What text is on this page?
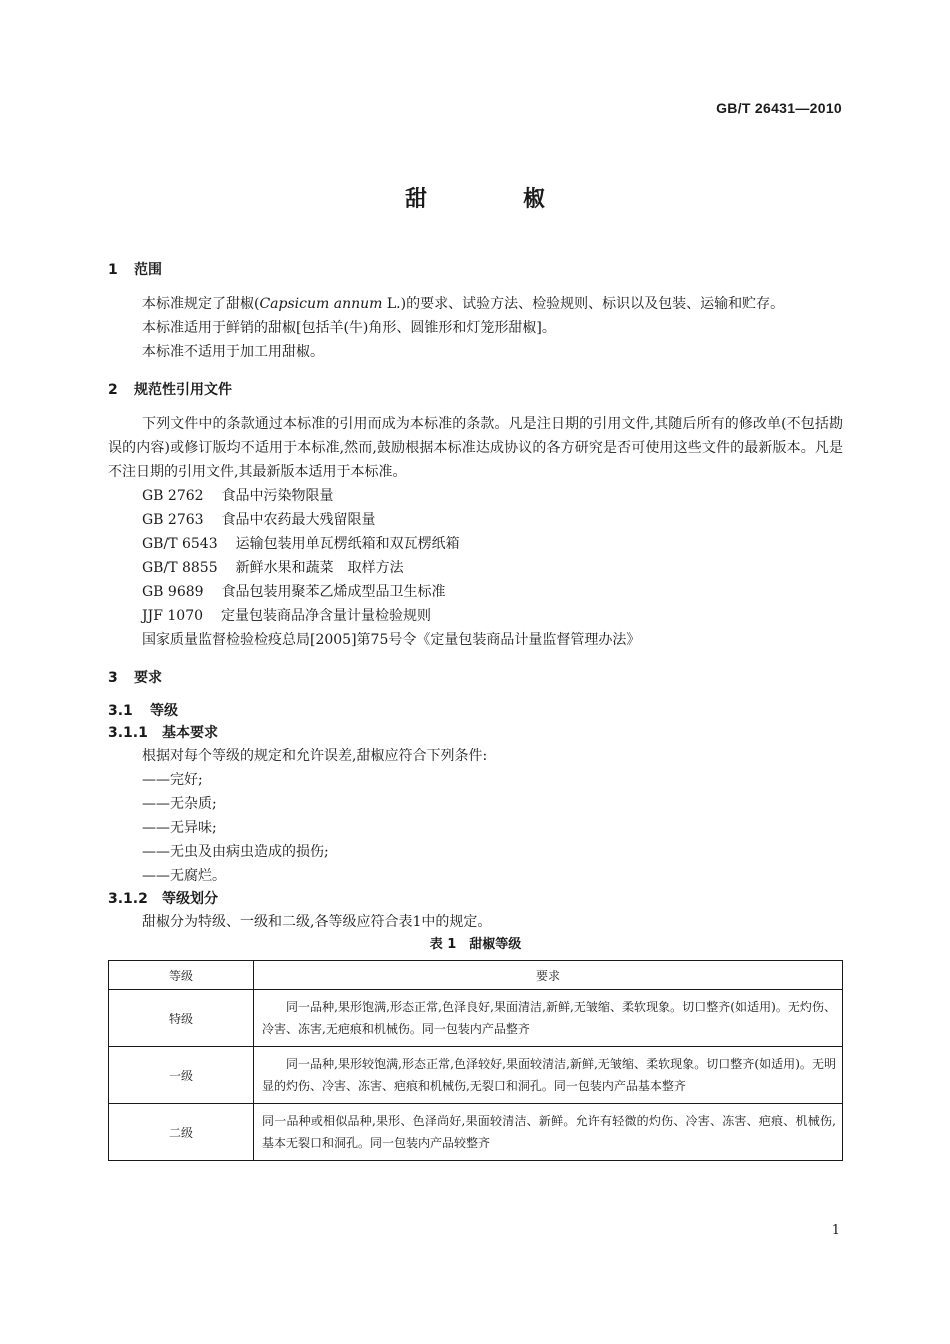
GB/T 26431—2010
甜	椒
1 范围

本标准规定了甜椒(Capsicum annum L.)的要求、试验方法、检验规则、标识以及包装、运输和贮存。

本标准适用于鲜销的甜椒[包括羊(牛)角形、圆锥形和灯笼形甜椒]。

本标准不适用于加工用甜椒。

2 规范性引用文件

下列文件中的条款通过本标准的引用而成为本标准的条款。凡是注日期的引用文件,其随后所有的修改单(不包括勘误的内容)或修订版均不适用于本标准,然而,鼓励根据本标准达成协议的各方研究是否可使用这些文件的最新版本。凡是不注日期的引用文件,其最新版本适用于本标准。

GB 2762 食品中污染物限量

GB 2763 食品中农药最大残留限量

GB/T 6543 运输包装用单瓦楞纸箱和双瓦楞纸箱

GB/T 8855 新鲜水果和蔬菜　取样方法

GB 9689 食品包装用聚苯乙烯成型品卫生标准

JJF 1070 定量包装商品净含量计量检验规则

国家质量监督检验检疫总局[2005]第75号令《定量包装商品计量监督管理办法》

3 要求
3.1 等级
3.1.1 基本要求

根据对每个等级的规定和允许误差,甜椒应符合下列条件:

——完好;

——无杂质;

——无异味;

——无虫及由病虫造成的损伤;

——无腐烂。

3.1.2 等级划分

甜椒分为特级、一级和二级,各等级应符合表1中的规定。

表 1　甜椒等级
等级	要求
特级	同一品种,果形饱满,形态正常,色泽良好,果面清洁,新鲜,无皱缩、柔软现象。切口整齐(如适用)。无灼伤、冷害、冻害,无疤痕和机械伤。同一包装内产品整齐
一级	同一品种,果形较饱满,形态正常,色泽较好,果面较清洁,新鲜,无皱缩、柔软现象。切口整齐(如适用)。无明显的灼伤、冷害、冻害、疤痕和机械伤,无裂口和洞孔。同一包装内产品基本整齐
二级	同一品种或相似品种,果形、色泽尚好,果面较清洁、新鲜。允许有轻微的灼伤、冷害、冻害、疤痕、机械伤,基本无裂口和洞孔。同一包装内产品较整齐
1
